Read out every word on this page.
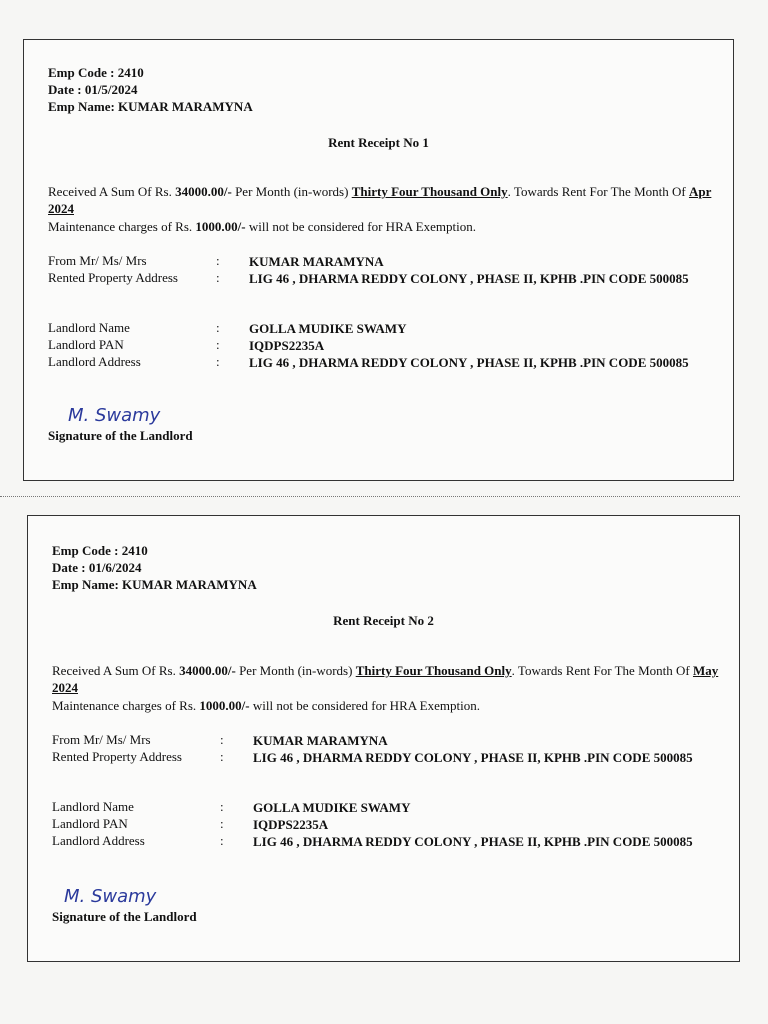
Emp Code : 2410
Date : 01/5/2024
Emp Name: KUMAR MARAMYNA
Rent Receipt No 1
Received A Sum Of Rs. 34000.00/- Per Month (in-words) Thirty Four Thousand Only. Towards Rent For The Month Of Apr 2024
Maintenance charges of Rs. 1000.00/- will not be considered for HRA Exemption.
From Mr/ Ms/ Mrs	: KUMAR MARAMYNA
Rented Property Address	: LIG 46 , DHARMA REDDY COLONY , PHASE II, KPHB .PIN CODE 500085
Landlord Name	: GOLLA MUDIKE SWAMY
Landlord PAN	: IQDPS2235A
Landlord Address	: LIG 46 , DHARMA REDDY COLONY , PHASE II, KPHB .PIN CODE 500085
M. Swamy
Signature of the Landlord
Emp Code : 2410
Date : 01/6/2024
Emp Name: KUMAR MARAMYNA
Rent Receipt No 2
Received A Sum Of Rs. 34000.00/- Per Month (in-words) Thirty Four Thousand Only. Towards Rent For The Month Of May 2024
Maintenance charges of Rs. 1000.00/- will not be considered for HRA Exemption.
From Mr/ Ms/ Mrs	: KUMAR MARAMYNA
Rented Property Address	: LIG 46 , DHARMA REDDY COLONY , PHASE II, KPHB .PIN CODE 500085
Landlord Name	: GOLLA MUDIKE SWAMY
Landlord PAN	: IQDPS2235A
Landlord Address	: LIG 46 , DHARMA REDDY COLONY , PHASE II, KPHB .PIN CODE 500085
M. Swamy
Signature of the Landlord
